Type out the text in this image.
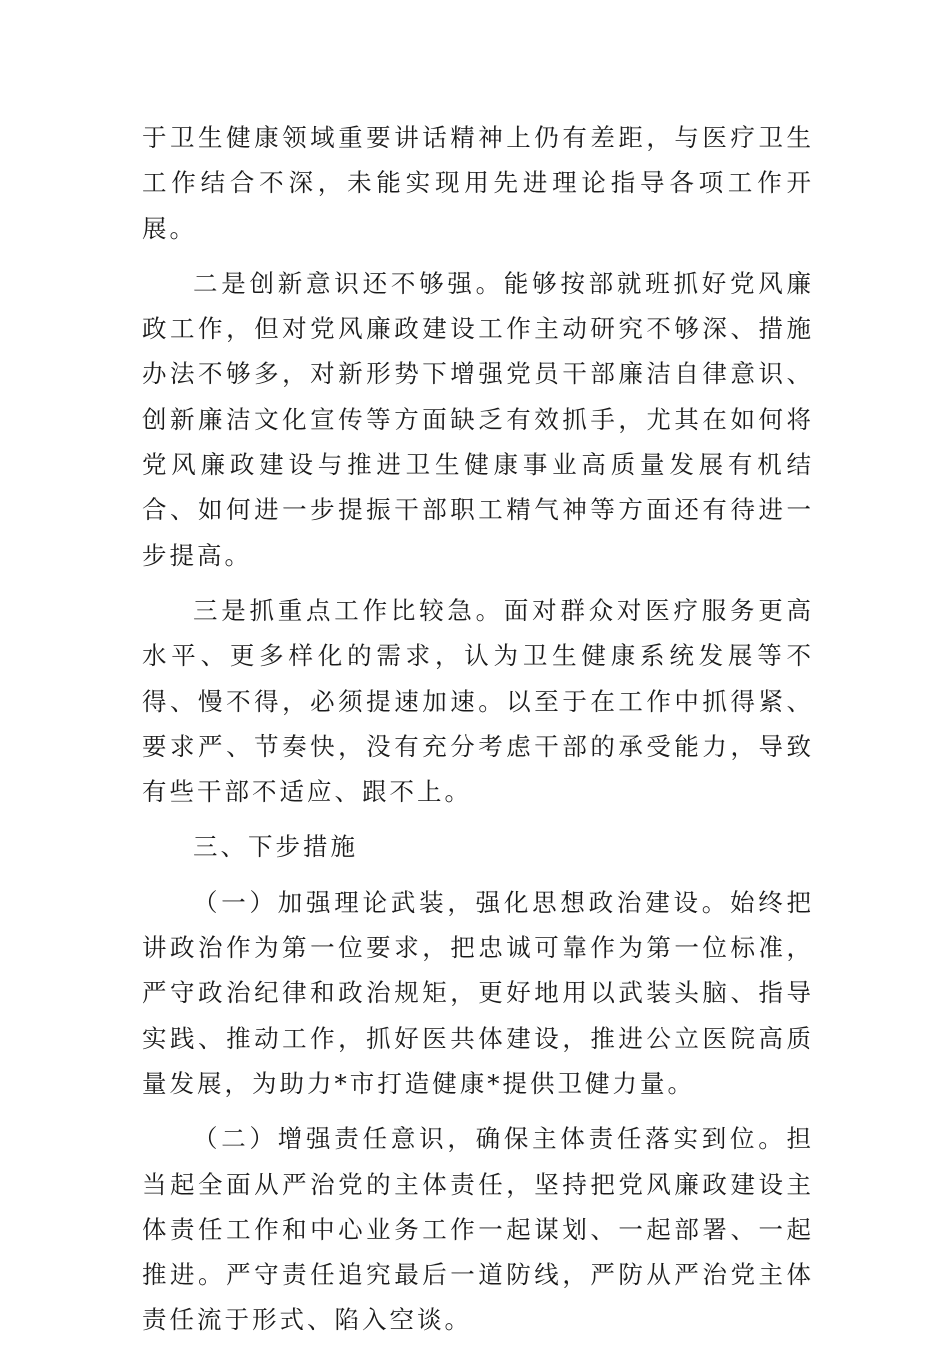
于卫生健康领域重要讲话精神上仍有差距，与医疗卫生工作结合不深，未能实现用先进理论指导各项工作开展。

二是创新意识还不够强。能够按部就班抓好党风廉政工作，但对党风廉政建设工作主动研究不够深、措施办法不够多，对新形势下增强党员干部廉洁自律意识、创新廉洁文化宣传等方面缺乏有效抓手，尤其在如何将党风廉政建设与推进卫生健康事业高质量发展有机结合、如何进一步提振干部职工精气神等方面还有待进一步提高。

三是抓重点工作比较急。面对群众对医疗服务更高水平、更多样化的需求，认为卫生健康系统发展等不得、慢不得，必须提速加速。以至于在工作中抓得紧、要求严、节奏快，没有充分考虑干部的承受能力，导致有些干部不适应、跟不上。

三、下步措施

（一）加强理论武装，强化思想政治建设。始终把讲政治作为第一位要求，把忠诚可靠作为第一位标准，严守政治纪律和政治规矩，更好地用以武装头脑、指导实践、推动工作，抓好医共体建设，推进公立医院高质量发展，为助力*市打造健康*提供卫健力量。

（二）增强责任意识，确保主体责任落实到位。担当起全面从严治党的主体责任，坚持把党风廉政建设主体责任工作和中心业务工作一起谋划、一起部署、一起推进。严守责任追究最后一道防线，严防从严治党主体责任流于形式、陷入空谈。
